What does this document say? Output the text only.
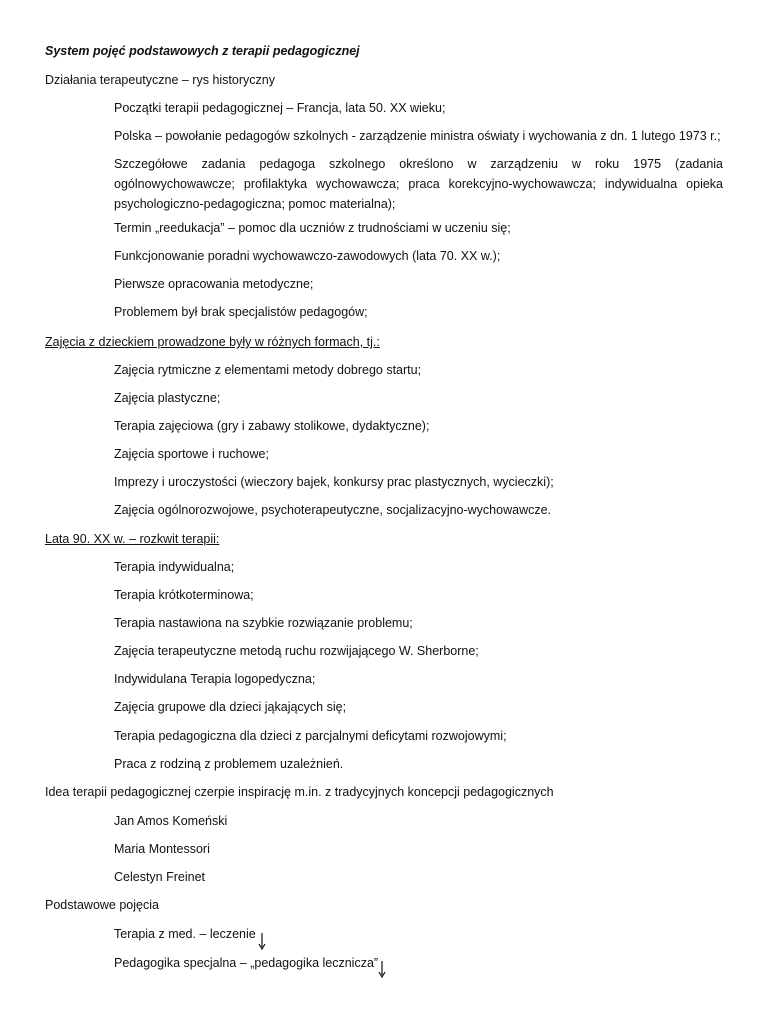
System pojęć podstawowych z terapii pedagogicznej
Działania terapeutyczne – rys historyczny
Początki terapii pedagogicznej – Francja, lata 50. XX wieku;
Polska – powołanie pedagogów szkolnych - zarządzenie ministra oświaty i wychowania z dn. 1 lutego 1973 r.;
Szczegółowe zadania pedagoga szkolnego określono w zarządzeniu w roku 1975 (zadania ogólnowychowawcze; profilaktyka wychowawcza; praca korekcyjno-wychowawcza; indywidualna opieka psychologiczno-pedagogiczna; pomoc materialna);
Termin „reedukacja” – pomoc dla uczniów z trudnościami w uczeniu się;
Funkcjonowanie poradni wychowawczo-zawodowych (lata 70. XX w.);
Pierwsze opracowania metodyczne;
Problemem był brak specjalistów pedagogów;
Zajęcia z dzieckiem prowadzone były w różnych formach, tj.:
Zajęcia rytmiczne z elementami metody dobrego startu;
Zajęcia plastyczne;
Terapia zajęciowa (gry i zabawy stolikowe, dydaktyczne);
Zajęcia sportowe i ruchowe;
Imprezy i uroczystości (wieczory bajek, konkursy prac plastycznych, wycieczki);
Zajęcia ogólnorozwojowe, psychoterapeutyczne, socjalizacyjno-wychowawcze.
Lata 90. XX w. – rozkwit terapii:
Terapia indywidualna;
Terapia krótkoterminowa;
Terapia nastawiona na szybkie rozwiązanie problemu;
Zajęcia terapeutyczne metodą ruchu rozwijającego W. Sherborne;
Indywidulana Terapia logopedyczna;
Zajęcia grupowe dla dzieci jąkających się;
Terapia pedagogiczna dla dzieci z parcjalnymi deficytami rozwojowymi;
Praca z rodziną z problemem uzależnień.
Idea terapii pedagogicznej czerpie inspirację m.in. z tradycyjnych koncepcji pedagogicznych
Jan Amos Komeński
Maria Montessori
Celestyn Freinet
Podstawowe pojęcia
Terapia z med. – leczenie
Pedagogika specjalna – „pedagogika lecznicza”
